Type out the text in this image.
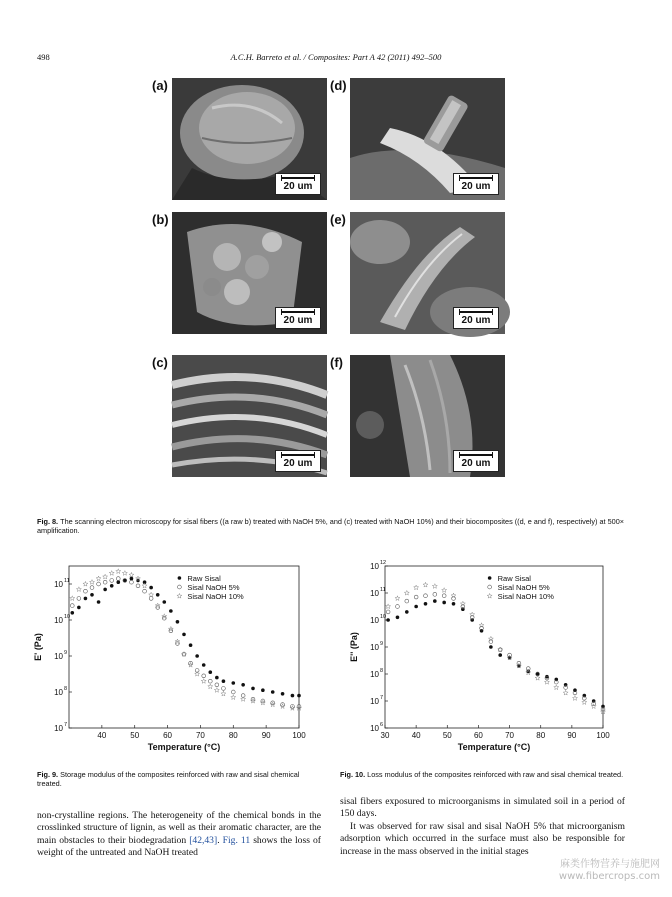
498	A.C.H. Barreto et al. / Composites: Part A 42 (2011) 492–500
(a)
20 um
(b)
20 um
(c)
20 um
(d)
20 um
(e)
20 um
(f)
20 um
Fig. 8. The scanning electron microscopy for sisal fibers ((a raw b) treated with NaOH 5%, and (c) treated with NaOH 10%) and their biocomposites ((d, e and f), respectively) at 500× amplification.
40	50	60	70	80	90	100
10 7
10 8
10 9
10 10
10 11
Temperature (°C)
E' (Pa)
Raw Sisal
Sisal NaOH 5%
Sisal NaOH 10%
Fig. 9. Storage modulus of the composites reinforced with raw and sisal chemical treated.
30	40	50	60	70	80	90	100
10 6
10 7
10 8
10 9
10 10
10 11
10 12
Temperature (°C)
E'' (Pa)
Raw Sisal
Sisal NaOH 5%
Sisal NaOH 10%
Fig. 10. Loss modulus of the composites reinforced with raw and sisal chemical treated.
non-crystalline regions. The heterogeneity of the chemical bonds in the crosslinked structure of lignin, as well as their aromatic character, are the main obstacles to their biodegradation [42,43]. Fig. 11 shows the loss of weight of the untreated and NaOH treated

sisal fibers exposured to microorganisms in simulated soil in a period of 150 days.

It was observed for raw sisal and sisal NaOH 5% that microorganism adsorption which occurred in the surface must also be responsible for increase in the mass observed in the initial stages

麻类作物营养与施肥网
www.fibercrops.com
